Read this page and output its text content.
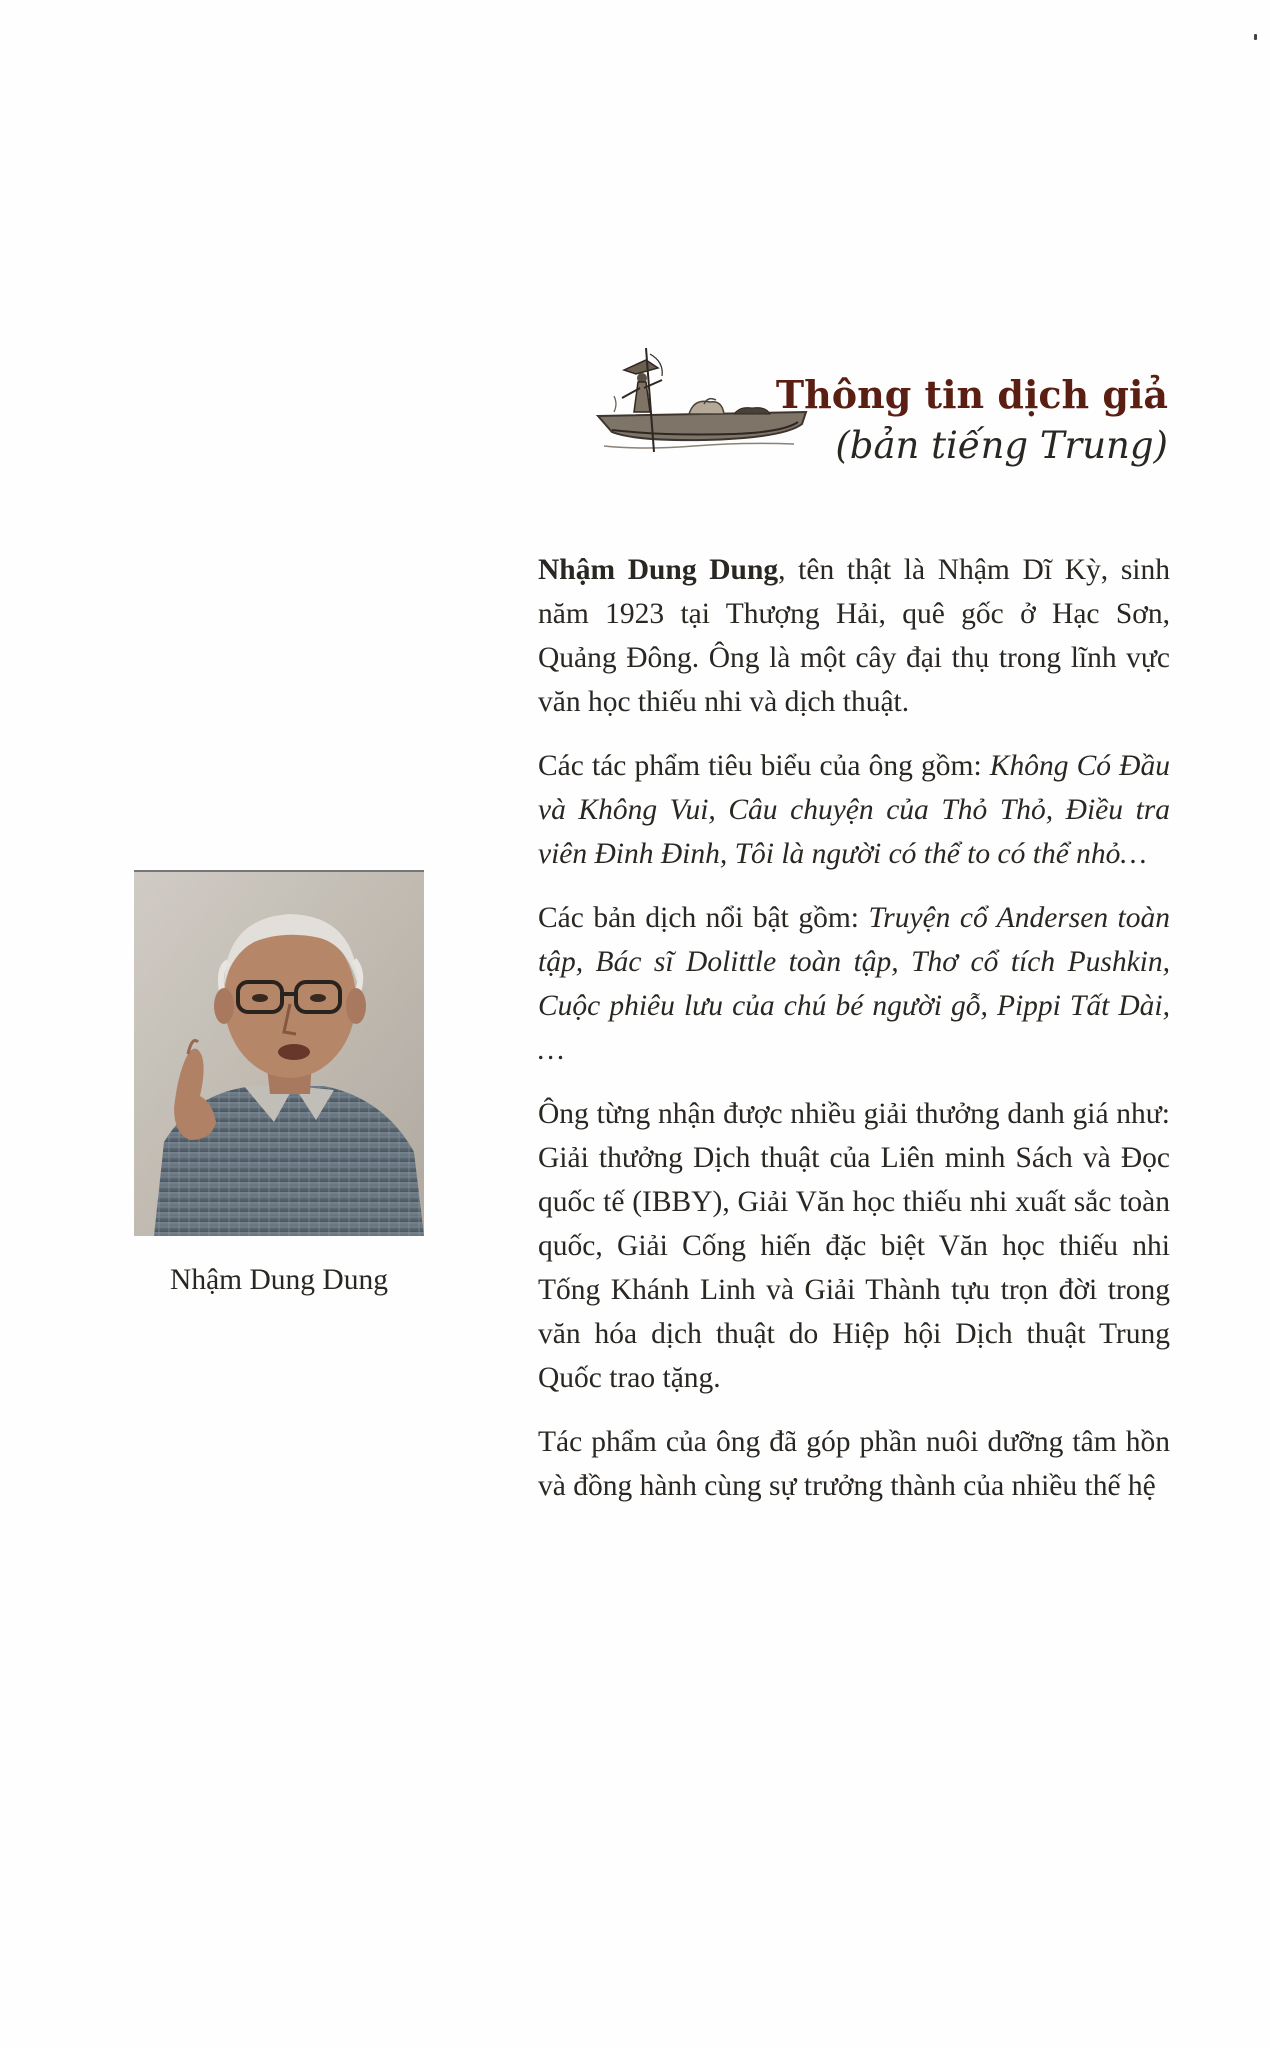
Thông tin dịch giả
(bản tiếng Trung)

Nhậm Dung Dung, tên thật là Nhậm Dĩ Kỳ, sinh năm 1923 tại Thượng Hải, quê gốc ở Hạc Sơn, Quảng Đông. Ông là một cây đại thụ trong lĩnh vực văn học thiếu nhi và dịch thuật.

Các tác phẩm tiêu biểu của ông gồm: Không Có Đầu và Không Vui, Câu chuyện của Thỏ Thỏ, Điều tra viên Đinh Đinh, Tôi là người có thể to có thể nhỏ…

Các bản dịch nổi bật gồm: Truyện cổ Andersen toàn tập, Bác sĩ Dolittle toàn tập, Thơ cổ tích Pushkin, Cuộc phiêu lưu của chú bé người gỗ, Pippi Tất Dài, …

Ông từng nhận được nhiều giải thưởng danh giá như: Giải thưởng Dịch thuật của Liên minh Sách và Đọc quốc tế (IBBY), Giải Văn học thiếu nhi xuất sắc toàn quốc, Giải Cống hiến đặc biệt Văn học thiếu nhi Tống Khánh Linh và Giải Thành tựu trọn đời trong văn hóa dịch thuật do Hiệp hội Dịch thuật Trung Quốc trao tặng.

Tác phẩm của ông đã góp phần nuôi dưỡng tâm hồn và đồng hành cùng sự trưởng thành của nhiều thế hệ

Nhậm Dung Dung
